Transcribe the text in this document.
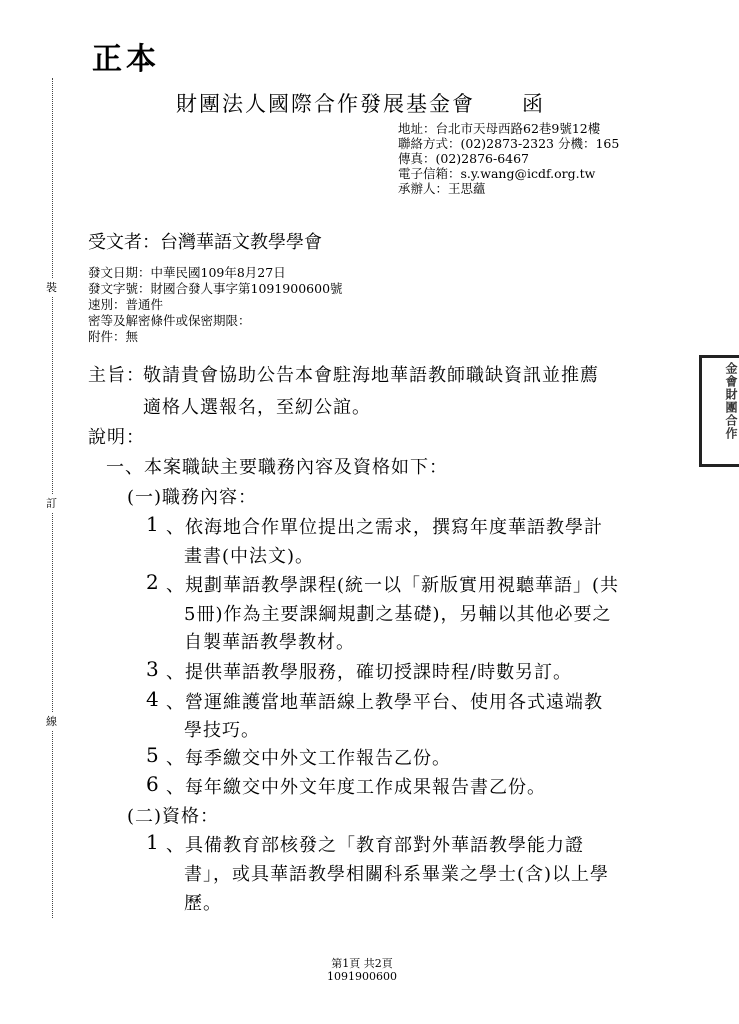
正本
財團法人國際合作發展基金會 函
地址：台北市天母西路62巷9號12樓
聯絡方式：(02)2873-2323 分機：165
傳真：(02)2876-6467
電子信箱：s.y.wang@icdf.org.tw
承辦人：王思蘊
裝
訂
線
受文者：台灣華語文教學學會
發文日期：中華民國109年8月27日
發文字號：財國合發人事字第1091900600號
速別：普通件
密等及解密條件或保密期限：
附件：無
主旨：
敬請貴會協助公告本會駐海地華語教師職缺資訊並推薦
適格人選報名，至紉公誼。
說明：
一、本案職缺主要職務內容及資格如下：
(一)職務內容：
1 、依海地合作單位提出之需求，撰寫年度華語教學計
畫書(中法文)。
2 、規劃華語教學課程(統一以「新版實用視聽華語」(共
5冊)作為主要課綱規劃之基礎)，另輔以其他必要之
自製華語教學教材。
3 、提供華語教學服務，確切授課時程/時數另訂。
4 、營運維護當地華語線上教學平台、使用各式遠端教
學技巧。
5 、每季繳交中外文工作報告乙份。
6 、每年繳交中外文年度工作成果報告書乙份。
(二)資格：
1 、具備教育部核發之「教育部對外華語教學能力證
書」，或具華語教學相關科系畢業之學士(含)以上學
歷。
金會財團合作
第1頁 共2頁
1091900600
